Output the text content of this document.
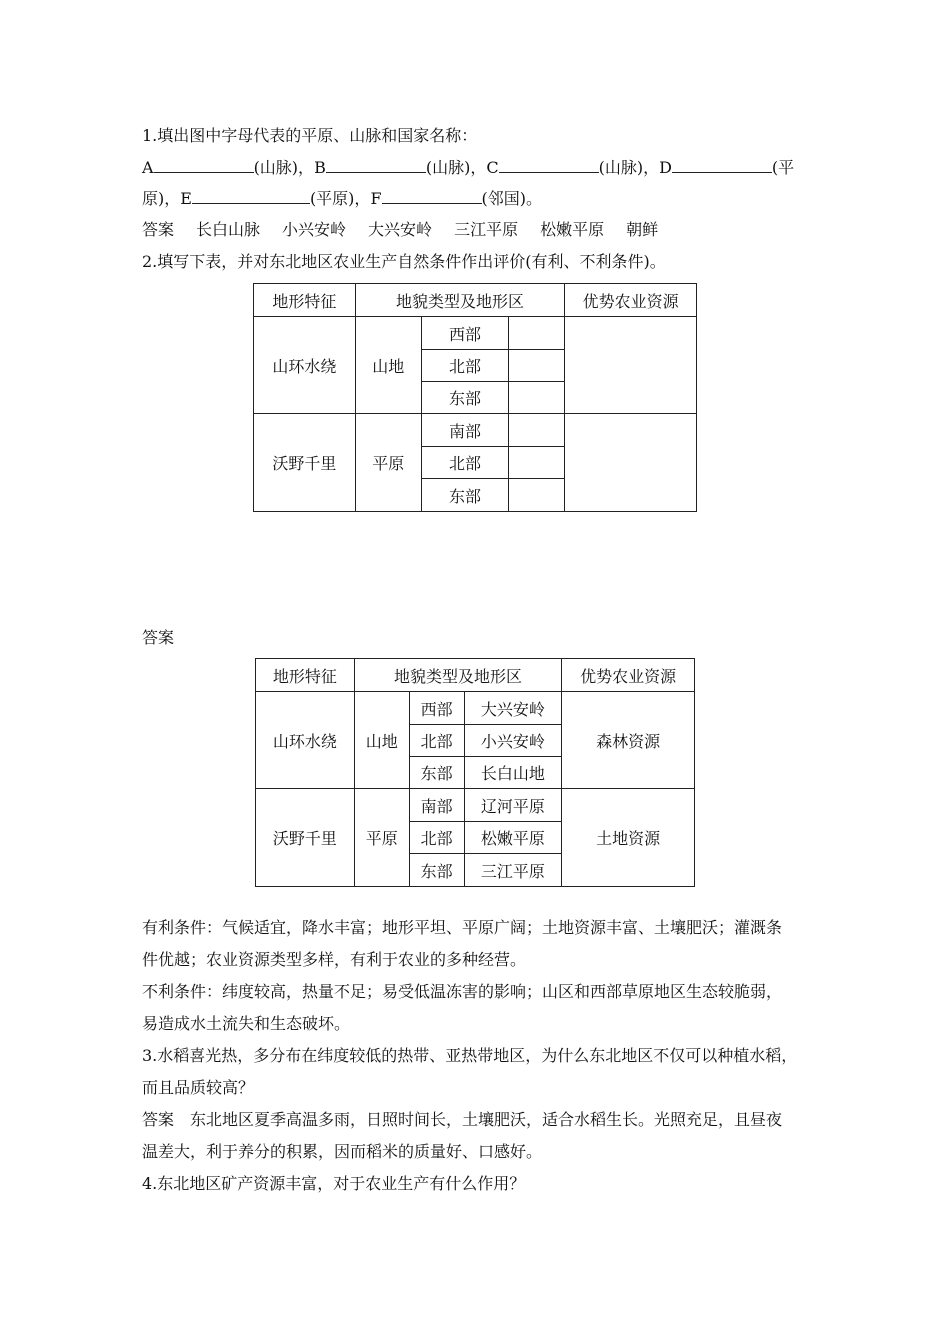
1.填出图中字母代表的平原、山脉和国家名称：
A	(山脉)，B	(山脉)，C	(山脉)，D	(平
原)，E	(平原)，F	(邻国)。
答案 长白山脉 小兴安岭 大兴安岭 三江平原 松嫩平原 朝鲜
2.填写下表，并对东北地区农业生产自然条件作出评价(有利、不利条件)。
地形特征	地貌类型及地形区			优势农业资源
山环水绕	山地	西部		
		北部		
		东部		
沃野千里	平原	南部		
		北部		
		东部		
答案
地形特征	地貌类型及地形区			优势农业资源
山环水绕	山地	西部	大兴安岭	森林资源
		北部	小兴安岭	
		东部	长白山地	
沃野千里	平原	南部	辽河平原	土地资源
		北部	松嫩平原	
		东部	三江平原	
有利条件：气候适宜，降水丰富；地形平坦、平原广阔；土地资源丰富、土壤肥沃；灌溉条
件优越；农业资源类型多样，有利于农业的多种经营。
不利条件：纬度较高，热量不足；易受低温冻害的影响；山区和西部草原地区生态较脆弱，
易造成水土流失和生态破坏。
3.水稻喜光热，多分布在纬度较低的热带、亚热带地区，为什么东北地区不仅可以种植水稻，
而且品质较高？
答案　东北地区夏季高温多雨，日照时间长，土壤肥沃，适合水稻生长。光照充足，且昼夜
温差大，利于养分的积累，因而稻米的质量好、口感好。
4.东北地区矿产资源丰富，对于农业生产有什么作用？
